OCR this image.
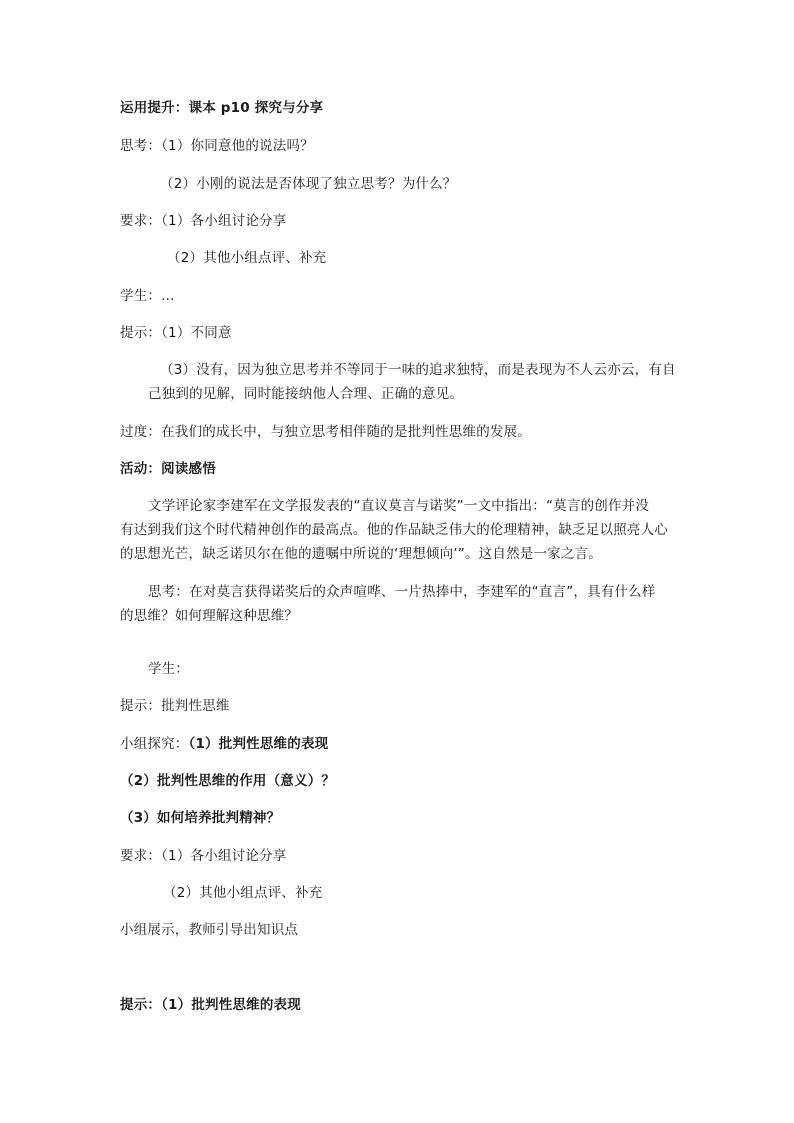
运用提升：课本 p10 探究与分享
思考：（1）你同意他的说法吗？
（2）小刚的说法是否体现了独立思考？为什么？
要求：（1）各小组讨论分享
（2）其他小组点评、补充
学生：...
提示：（1）不同意
（3）没有，因为独立思考并不等同于一味的追求独特，而是表现为不人云亦云，有自
己独到的见解，同时能接纳他人合理、正确的意见。
过度：在我们的成长中，与独立思考相伴随的是批判性思维的发展。
活动：阅读感悟
文学评论家李建军在文学报发表的“直议莫言与诺奖”一文中指出：“莫言的创作并没
有达到我们这个时代精神创作的最高点。他的作品缺乏伟大的伦理精神，缺乏足以照亮人心
的思想光芒，缺乏诺贝尔在他的遗嘱中所说的‘理想倾向’”。这自然是一家之言。
思考：在对莫言获得诺奖后的众声喧哗、一片热捧中，李建军的“直言”，具有什么样
的思维？如何理解这种思维？
学生：
提示：批判性思维
小组探究：（1）批判性思维的表现
（2）批判性思维的作用（意义）？
（3）如何培养批判精神？
要求：（1）各小组讨论分享
（2）其他小组点评、补充
小组展示，教师引导出知识点
提示：（1）批判性思维的表现
